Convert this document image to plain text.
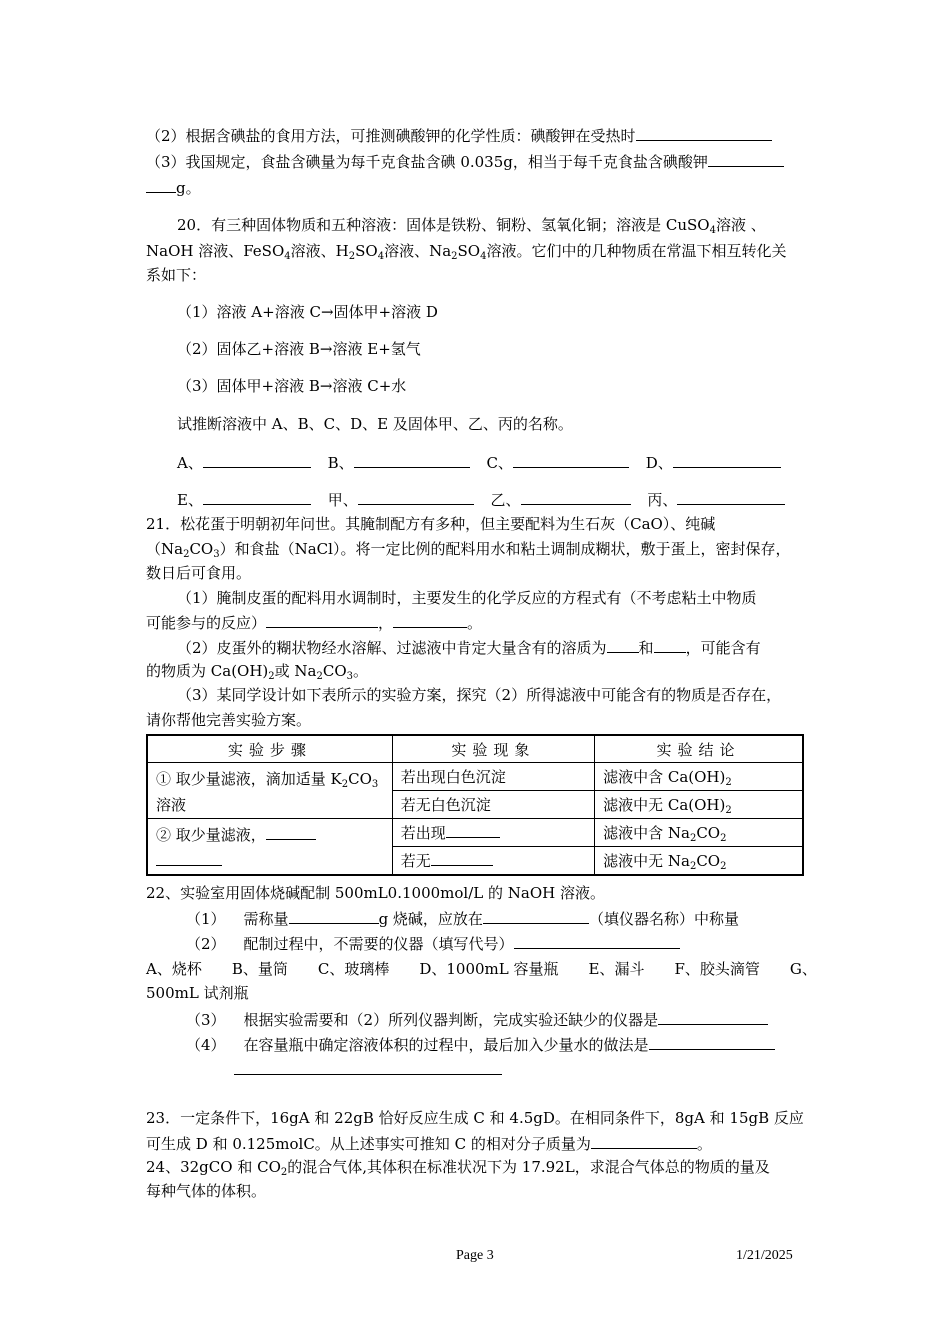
（2）根据含碘盐的食用方法，可推测碘酸钾的化学性质：碘酸钾在受热时
（3）我国规定，食盐含碘量为每千克食盐含碘 0.035g，相当于每千克食盐含碘酸钾
g。
20．有三种固体物质和五种溶液：固体是铁粉、铜粉、氢氧化铜；溶液是 CuSO$_4$溶液 、
NaOH 溶液、FeSO$_4$溶液、$H_2SO_4$溶液、$Na_2SO_4$溶液。它们中的几种物质在常温下相互转化关
系如下：
（1）溶液 A+溶液 C→固体甲+溶液 D
（2）固体乙+溶液 B→溶液 E+氢气
（3）固体甲+溶液 B→溶液 C+水
试推断溶液中 A、B、C、D、E 及固体甲、乙、丙的名称。
A、	B、	C、	D、
E、	甲、	乙、	丙、
21．松花蛋于明朝初年问世。其腌制配方有多种，但主要配料为生石灰（CaO）、纯碱
$(Na_2CO_3)$和食盐（NaCl）。将一定比例的配料用水和粘土调制成糊状，敷于蛋上，密封保存，
数日后可食用。
（1）腌制皮蛋的配料用水调制时，主要发生的化学反应的方程式有（不考虑粘土中物质
可能参与的反应）	，	。
（2）皮蛋外的糊状物经水溶解、过滤液中肯定大量含有的溶质为 和 ，可能含有
的物质为 $Ca(OH)_2$或 $Na_2CO_3$。
（3）某同学设计如下表所示的实验方案，探究（2）所得滤液中可能含有的物质是否存在，
请你帮他完善实验方案。
实验步骤	实验现象	实验结论
① 取少量滤液，滴加适量 $K_2CO_3$
溶液	若出现白色沉淀	滤液中含 $Ca(OH)_2$
	若无白色沉淀	滤液中无 $Ca(OH)_2$
② 取少量滤液，	若出现	滤液中含 $Na_2CO_2$
	若无	滤液中无 $Na_2CO_2$
22、实验室用固体烧碱配制 500mL0.1000mol/L 的 NaOH 溶液。
（1） 需称量	g 烧碱，应放在	（填仪器名称）中称量
（2） 配制过程中，不需要的仪器（填写代号）
A、烧杯　　B、量筒　　C、玻璃棒　　D、1000mL 容量瓶　　E、漏斗　　F、胶头滴管　　G、
500mL 试剂瓶
（3） 根据实验需要和（2）所列仪器判断，完成实验还缺少的仪器是
（4） 在容量瓶中确定溶液体积的过程中，最后加入少量水的做法是
23．一定条件下，16gA 和 22gB 恰好反应生成 C 和 4.5gD。在相同条件下，8gA 和 15gB 反应
可生成 D 和 0.125molC。从上述事实可推知 C 的相对分子质量为	。
24、32gCO 和 $CO_2$的混合气体,其体积在标准状况下为 17.92L，求混合气体总的物质的量及
每种气体的体积。
Page 3	1/21/2025
